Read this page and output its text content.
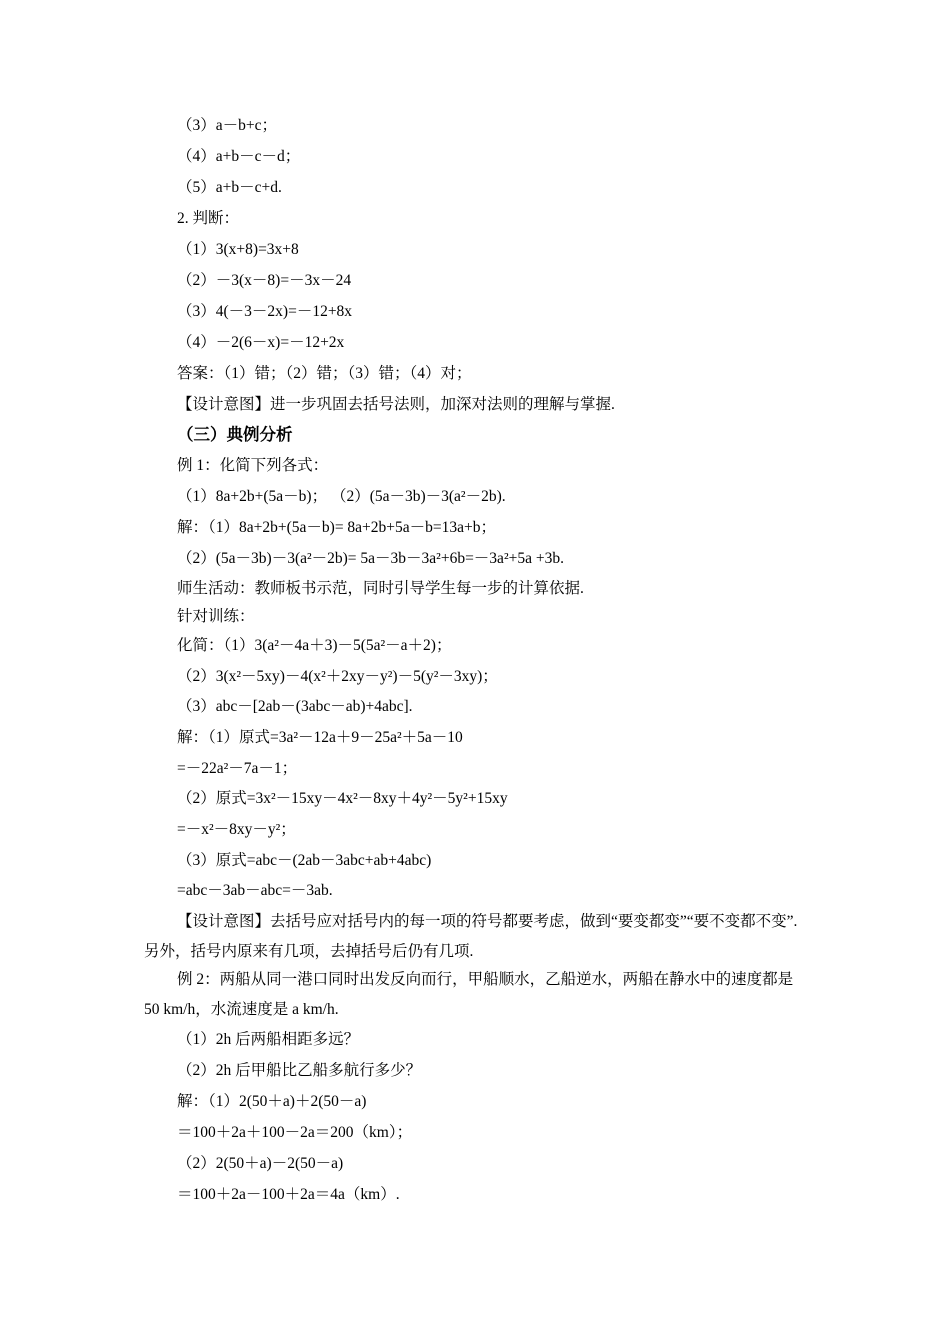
（3）a－b+c；
（4）a+b－c－d；
（5）a+b－c+d.
2. 判断：
（1）3(x+8)=3x+8
（2）－3(x－8)=－3x－24
（3）4(－3－2x)=－12+8x
（4）－2(6－x)=－12+2x
答案：（1）错；（2）错；（3）错；（4）对；
【设计意图】进一步巩固去括号法则，加深对法则的理解与掌握.
（三）典例分析
例 1：化简下列各式：
（1）8a+2b+(5a－b)； （2）(5a－3b)－3(a²－2b).
解：（1）8a+2b+(5a－b)= 8a+2b+5a－b=13a+b；
（2）(5a－3b)－3(a²－2b)= 5a－3b－3a²+6b=－3a²+5a +3b.
师生活动：教师板书示范，同时引导学生每一步的计算依据.
针对训练：
化简：（1）3(a²－4a＋3)－5(5a²－a＋2)；
（2）3(x²－5xy)－4(x²＋2xy－y²)－5(y²－3xy)；
（3）abc－[2ab－(3abc－ab)+4abc].
解：（1）原式=3a²－12a＋9－25a²＋5a－10
=－22a²－7a－1；
（2）原式=3x²－15xy－4x²－8xy＋4y²－5y²+15xy
=－x²－8xy－y²；
（3）原式=abc－(2ab－3abc+ab+4abc)
=abc－3ab－abc=－3ab.
【设计意图】去括号应对括号内的每一项的符号都要考虑，做到“要变都变”“要不变都不变”. 另外，括号内原来有几项，去掉括号后仍有几项.
例 2：两船从同一港口同时出发反向而行，甲船顺水，乙船逆水，两船在静水中的速度都是 50 km/h，水流速度是 a km/h.
（1）2h 后两船相距多远？
（2）2h 后甲船比乙船多航行多少？
解：（1）2(50＋a)＋2(50－a)
＝100＋2a＋100－2a＝200（km）；
（2）2(50＋a)－2(50－a)
＝100＋2a－100＋2a＝4a（km）.
